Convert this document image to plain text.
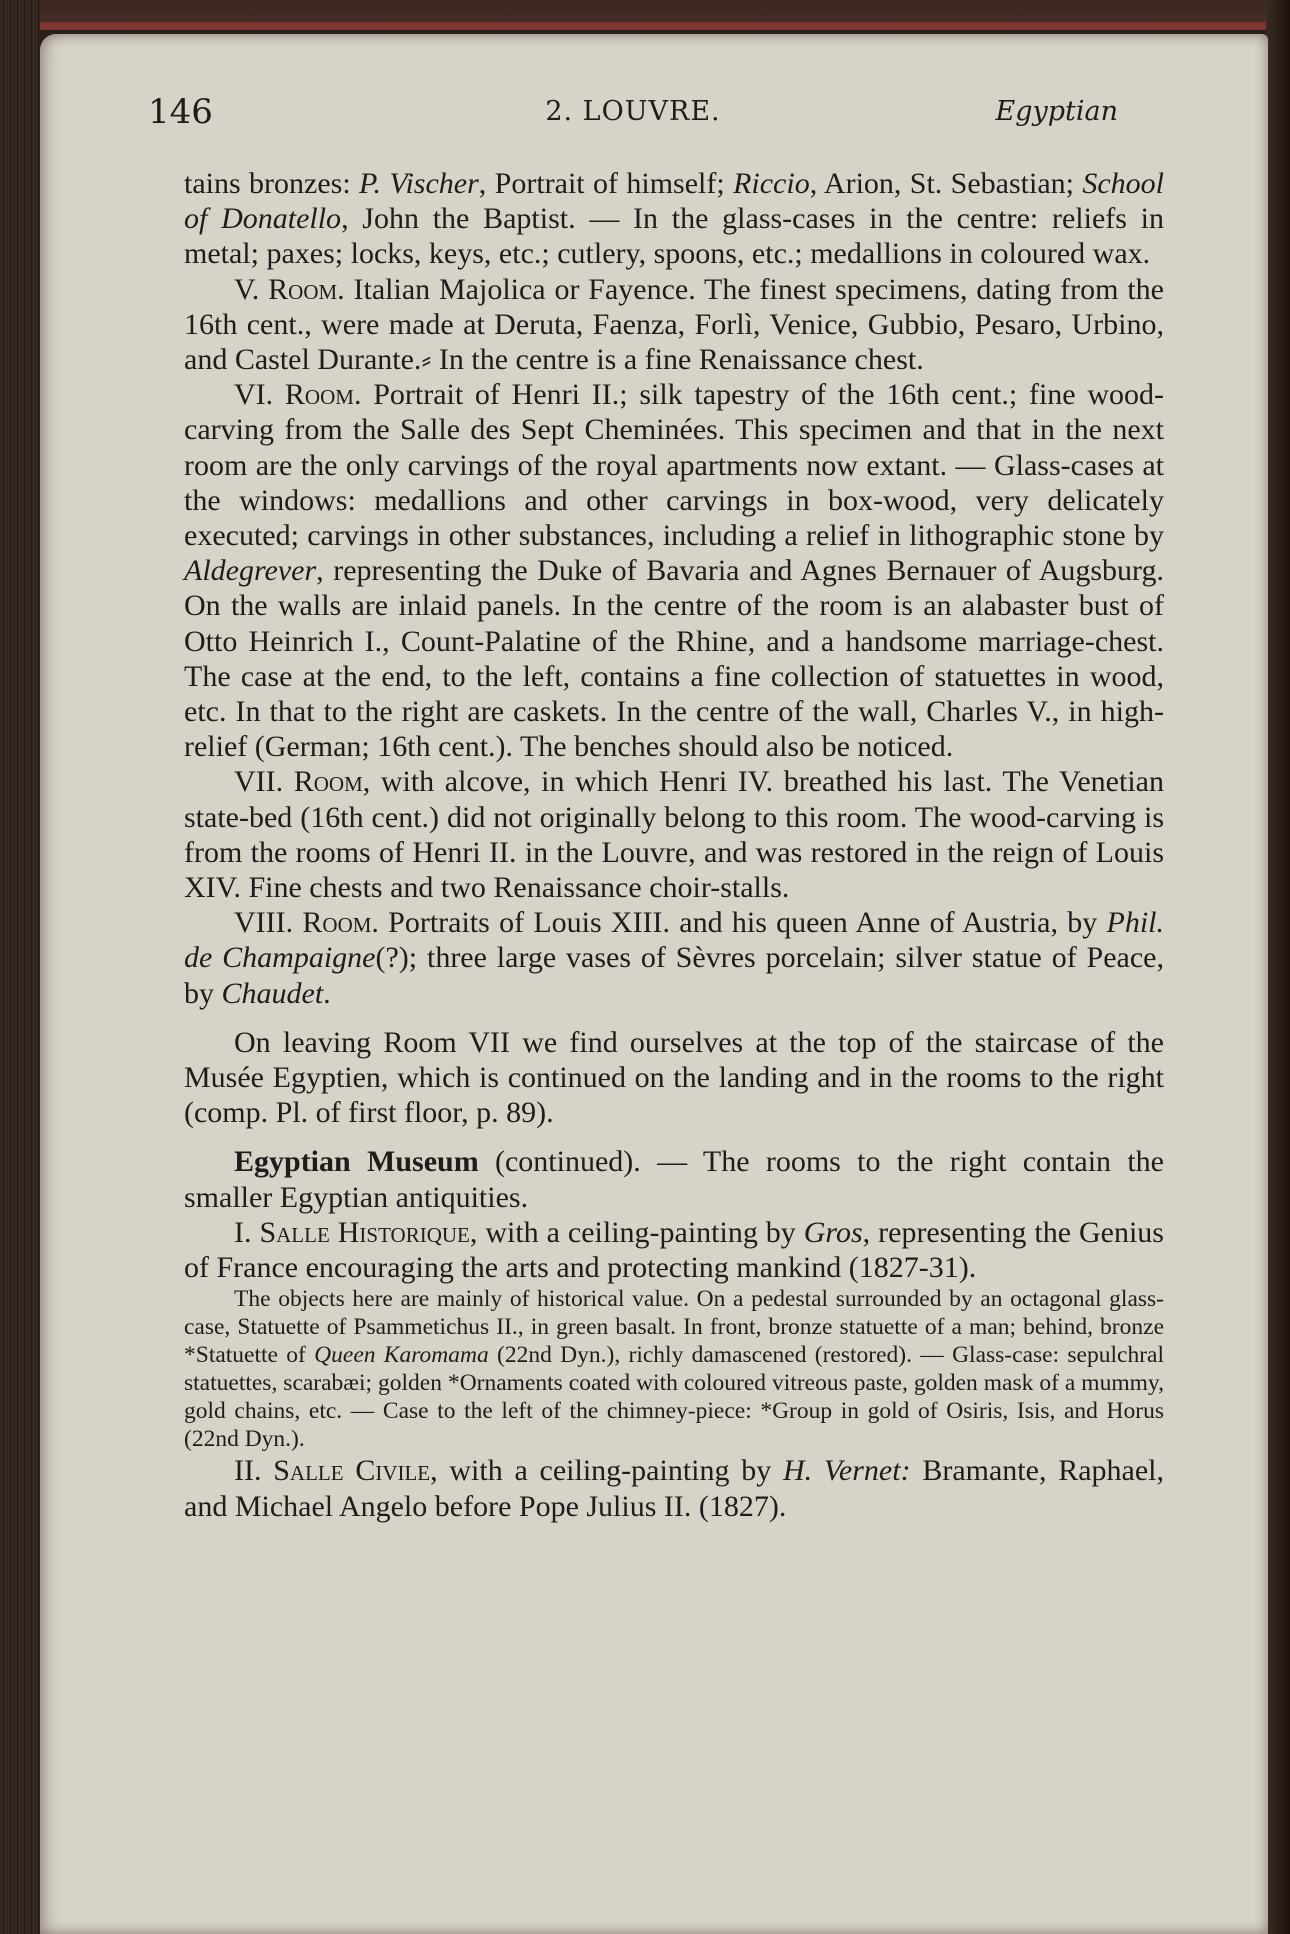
146	2. LOUVRE.	Egyptian

tains bronzes: P. Vischer, Portrait of himself; Riccio, Arion, St. Sebastian; School of Donatello, John the Baptist. — In the glass-cases in the centre: reliefs in metal; paxes; locks, keys, etc.; cutlery, spoons, etc.; medallions in coloured wax.

V. Room. Italian Majolica or Fayence. The finest specimens, dating from the 16th cent., were made at Deruta, Faenza, Forlì, Venice, Gubbio, Pesaro, Urbino, and Castel Durante.⸗ In the centre is a fine Renaissance chest.

VI. Room. Portrait of Henri II.; silk tapestry of the 16th cent.; fine wood-carving from the Salle des Sept Cheminées. This specimen and that in the next room are the only carvings of the royal apartments now extant. — Glass-cases at the windows: medallions and other carvings in box-wood, very delicately executed; carvings in other substances, including a relief in lithographic stone by Aldegrever, representing the Duke of Bavaria and Agnes Bernauer of Augsburg. On the walls are inlaid panels. In the centre of the room is an alabaster bust of Otto Heinrich I., Count-Palatine of the Rhine, and a handsome marriage-chest. The case at the end, to the left, contains a fine collection of statuettes in wood, etc. In that to the right are caskets. In the centre of the wall, Charles V., in high-relief (German; 16th cent.). The benches should also be noticed.

VII. Room, with alcove, in which Henri IV. breathed his last. The Venetian state-bed (16th cent.) did not originally belong to this room. The wood-carving is from the rooms of Henri II. in the Louvre, and was restored in the reign of Louis XIV. Fine chests and two Renaissance choir-stalls.

VIII. Room. Portraits of Louis XIII. and his queen Anne of Austria, by Phil. de Champaigne(?); three large vases of Sèvres porcelain; silver statue of Peace, by Chaudet.

On leaving Room VII we find ourselves at the top of the staircase of the Musée Egyptien, which is continued on the landing and in the rooms to the right (comp. Pl. of first floor, p. 89).

Egyptian Museum (continued). — The rooms to the right contain the smaller Egyptian antiquities.

I. Salle Historique, with a ceiling-painting by Gros, representing the Genius of France encouraging the arts and protecting mankind (1827-31).

The objects here are mainly of historical value. On a pedestal surrounded by an octagonal glass-case, Statuette of Psammetichus II., in green basalt. In front, bronze statuette of a man; behind, bronze *Statuette of Queen Karomama (22nd Dyn.), richly damascened (restored). — Glass-case: sepulchral statuettes, scarabæi; golden *Ornaments coated with coloured vitreous paste, golden mask of a mummy, gold chains, etc. — Case to the left of the chimney-piece: *Group in gold of Osiris, Isis, and Horus (22nd Dyn.).

II. Salle Civile, with a ceiling-painting by H. Vernet: Bramante, Raphael, and Michael Angelo before Pope Julius II. (1827).
